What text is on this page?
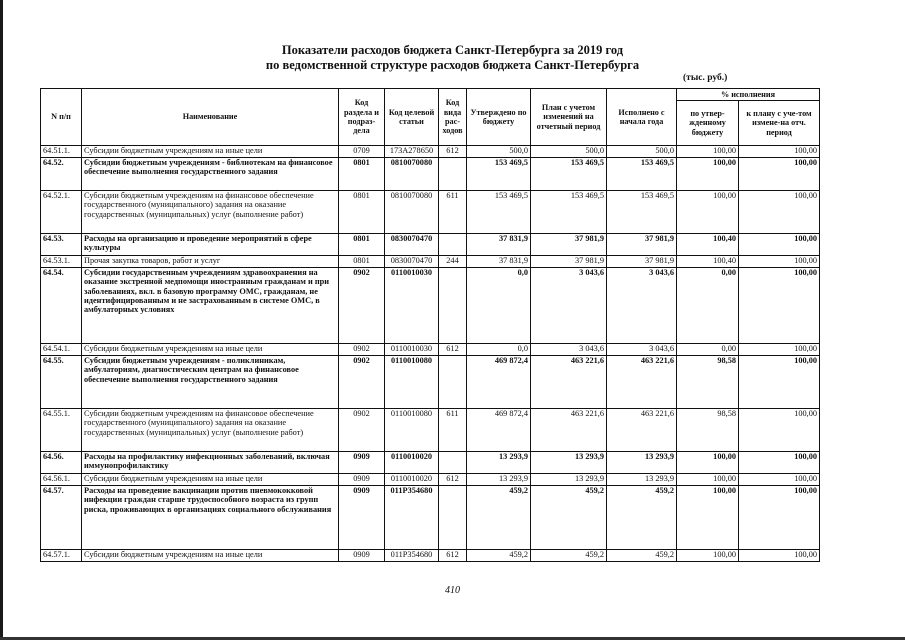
Показатели расходов бюджета Санкт-Петербурга за 2019 год
по ведомственной структуре расходов бюджета Санкт-Петербурга
(тыс. руб.)
N п/п	Наименование	Код раздела и подраз-дела	Код целевой статьи	Код вида рас-ходов	Утверждено по бюджету	План с учетом изменений на отчетный период	Исполнено с начала года	% исполнения	
								по утвер-жденному бюджету	к плану с уче-том измене-на отч. период
64.51.1.	Субсидии бюджетным учреждениям на иные цели	0709	173А278650	612	500,0	500,0	500,0	100,00	100,00
64.52.	Субсидии бюджетным учреждениям - библиотекам на финансовое обеспечение выполнения государственного задания	0801	0810070080		153 469,5	153 469,5	153 469,5	100,00	100,00
64.52.1.	Субсидии бюджетным учреждениям на финансовое обеспечение государственного (муниципального) задания на оказание государственных (муниципальных) услуг (выполнение работ)	0801	0810070080	611	153 469,5	153 469,5	153 469,5	100,00	100,00
64.53.	Расходы на организацию и проведение мероприятий в сфере культуры	0801	0830070470		37 831,9	37 981,9	37 981,9	100,40	100,00
64.53.1.	Прочая закупка товаров, работ и услуг	0801	0830070470	244	37 831,9	37 981,9	37 981,9	100,40	100,00
64.54.	Субсидии государственным учреждениям здравоохранения на оказание экстренной медпомощи иностранным гражданам и при заболеваниях, вкл. в базовую программу ОМС, гражданам, не идентифицированным и не застрахованным в системе ОМС, в амбулаторных условиях	0902	0110010030		0,0	3 043,6	3 043,6	0,00	100,00
64.54.1.	Субсидии бюджетным учреждениям на иные цели	0902	0110010030	612	0,0	3 043,6	3 043,6	0,00	100,00
64.55.	Субсидии бюджетным учреждениям - поликлиникам, амбулаториям, диагностическим центрам на финансовое обеспечение выполнения государственного задания	0902	0110010080		469 872,4	463 221,6	463 221,6	98,58	100,00
64.55.1.	Субсидии бюджетным учреждениям на финансовое обеспечение государственного (муниципального) задания на оказание государственных (муниципальных) услуг (выполнение работ)	0902	0110010080	611	469 872,4	463 221,6	463 221,6	98,58	100,00
64.56.	Расходы на профилактику инфекционных заболеваний, включая иммунопрофилактику	0909	0110010020		13 293,9	13 293,9	13 293,9	100,00	100,00
64.56.1.	Субсидии бюджетным учреждениям на иные цели	0909	0110010020	612	13 293,9	13 293,9	13 293,9	100,00	100,00
64.57.	Расходы на проведение вакцинации против пневмококковой инфекции граждан старше трудоспособного возраста из групп риска, проживающих в организациях социального обслуживания	0909	011P354680		459,2	459,2	459,2	100,00	100,00
64.57.1.	Субсидии бюджетным учреждениям на иные цели	0909	011P354680	612	459,2	459,2	459,2	100,00	100,00
410
